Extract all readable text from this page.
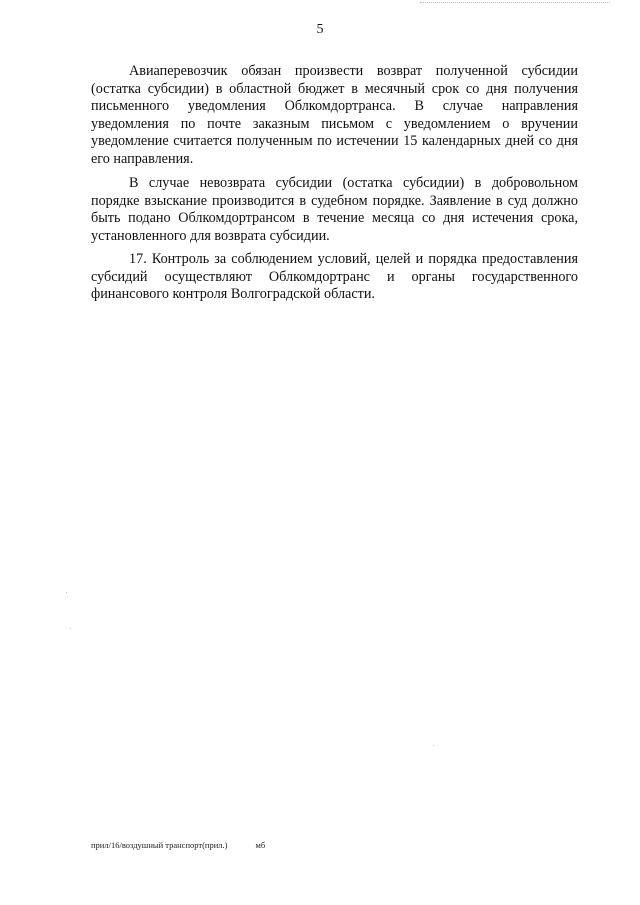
5

Авиаперевозчик обязан произвести возврат полученной субсидии (остатка субсидии) в областной бюджет в месячный срок со дня получения письменного уведомления Облкомдортранса. В случае направления уведомления по почте заказным письмом с уведомлением о вручении уведомление считается полученным по истечении 15 календарных дней со дня его направления.

В случае невозврата субсидии (остатка субсидии) в добровольном порядке взыскание производится в судебном порядке. Заявление в суд должно быть подано Облкомдортрансом в течение месяца со дня истечения срока, установленного для возврата субсидии.

17. Контроль за соблюдением условий, целей и порядка предоставления субсидий осуществляют Облкомдортранс и органы государственного финансового контроля Волгоградской области.

прил/16/воздушный транспорт(прил.)	мб
